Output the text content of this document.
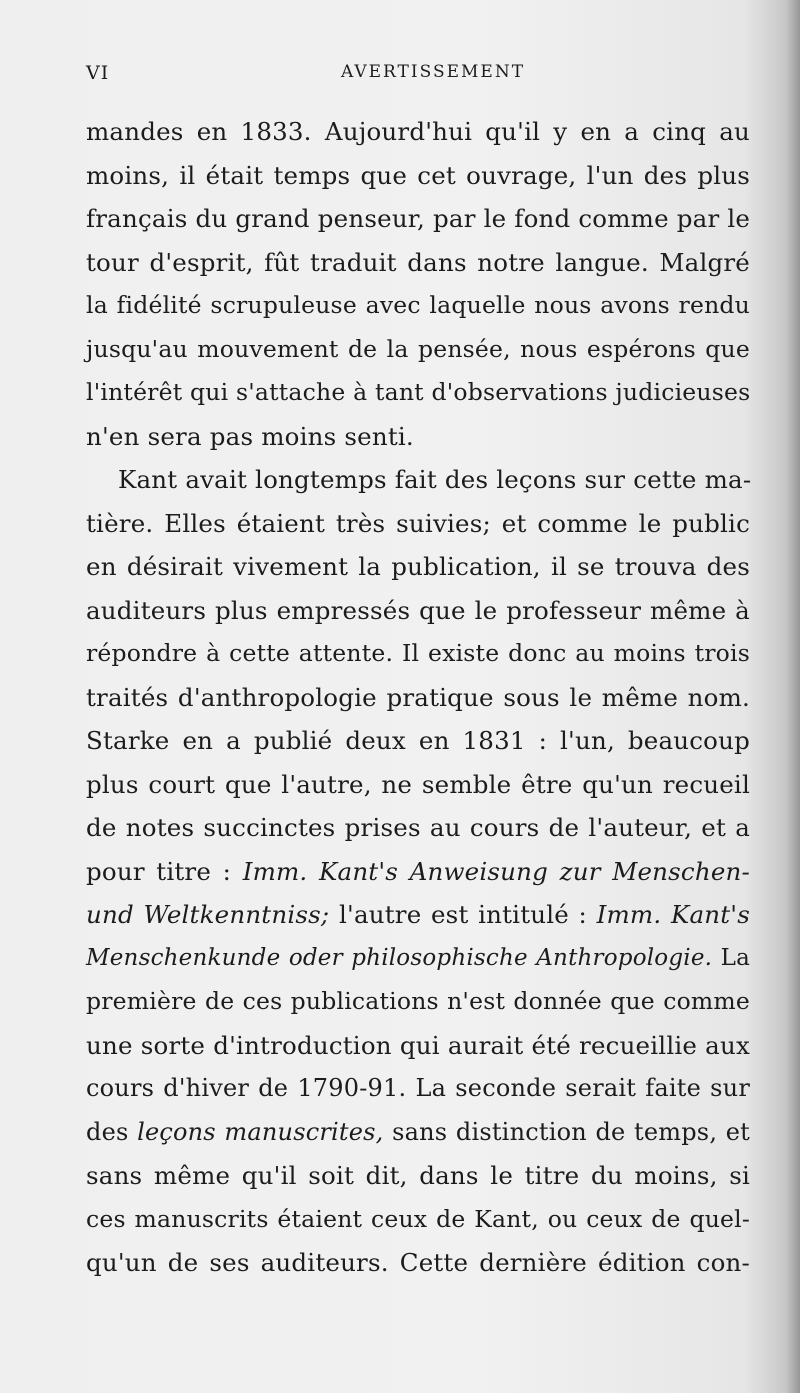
VI	AVERTISSEMENT
mandes en 1833. Aujourd'hui qu'il y en a cinq au
moins, il était temps que cet ouvrage, l'un des plus
français du grand penseur, par le fond comme par le
tour d'esprit, fût traduit dans notre langue. Malgré
la fidélité scrupuleuse avec laquelle nous avons rendu
jusqu'au mouvement de la pensée, nous espérons que
l'intérêt qui s'attache à tant d'observations judicieuses
n'en sera pas moins senti.
Kant avait longtemps fait des leçons sur cette ma-
tière. Elles étaient très suivies; et comme le public
en désirait vivement la publication, il se trouva des
auditeurs plus empressés que le professeur même à
répondre à cette attente. Il existe donc au moins trois
traités d'anthropologie pratique sous le même nom.
Starke en a publié deux en 1831 : l'un, beaucoup
plus court que l'autre, ne semble être qu'un recueil
de notes succinctes prises au cours de l'auteur, et a
pour titre : Imm. Kant's Anweisung zur Menschen-
und Weltkenntniss; l'autre est intitulé : Imm. Kant's
Menschenkunde oder philosophische Anthropologie. La
première de ces publications n'est donnée que comme
une sorte d'introduction qui aurait été recueillie aux
cours d'hiver de 1790-91. La seconde serait faite sur
des leçons manuscrites, sans distinction de temps, et
sans même qu'il soit dit, dans le titre du moins, si
ces manuscrits étaient ceux de Kant, ou ceux de quel-
qu'un de ses auditeurs. Cette dernière édition con-
